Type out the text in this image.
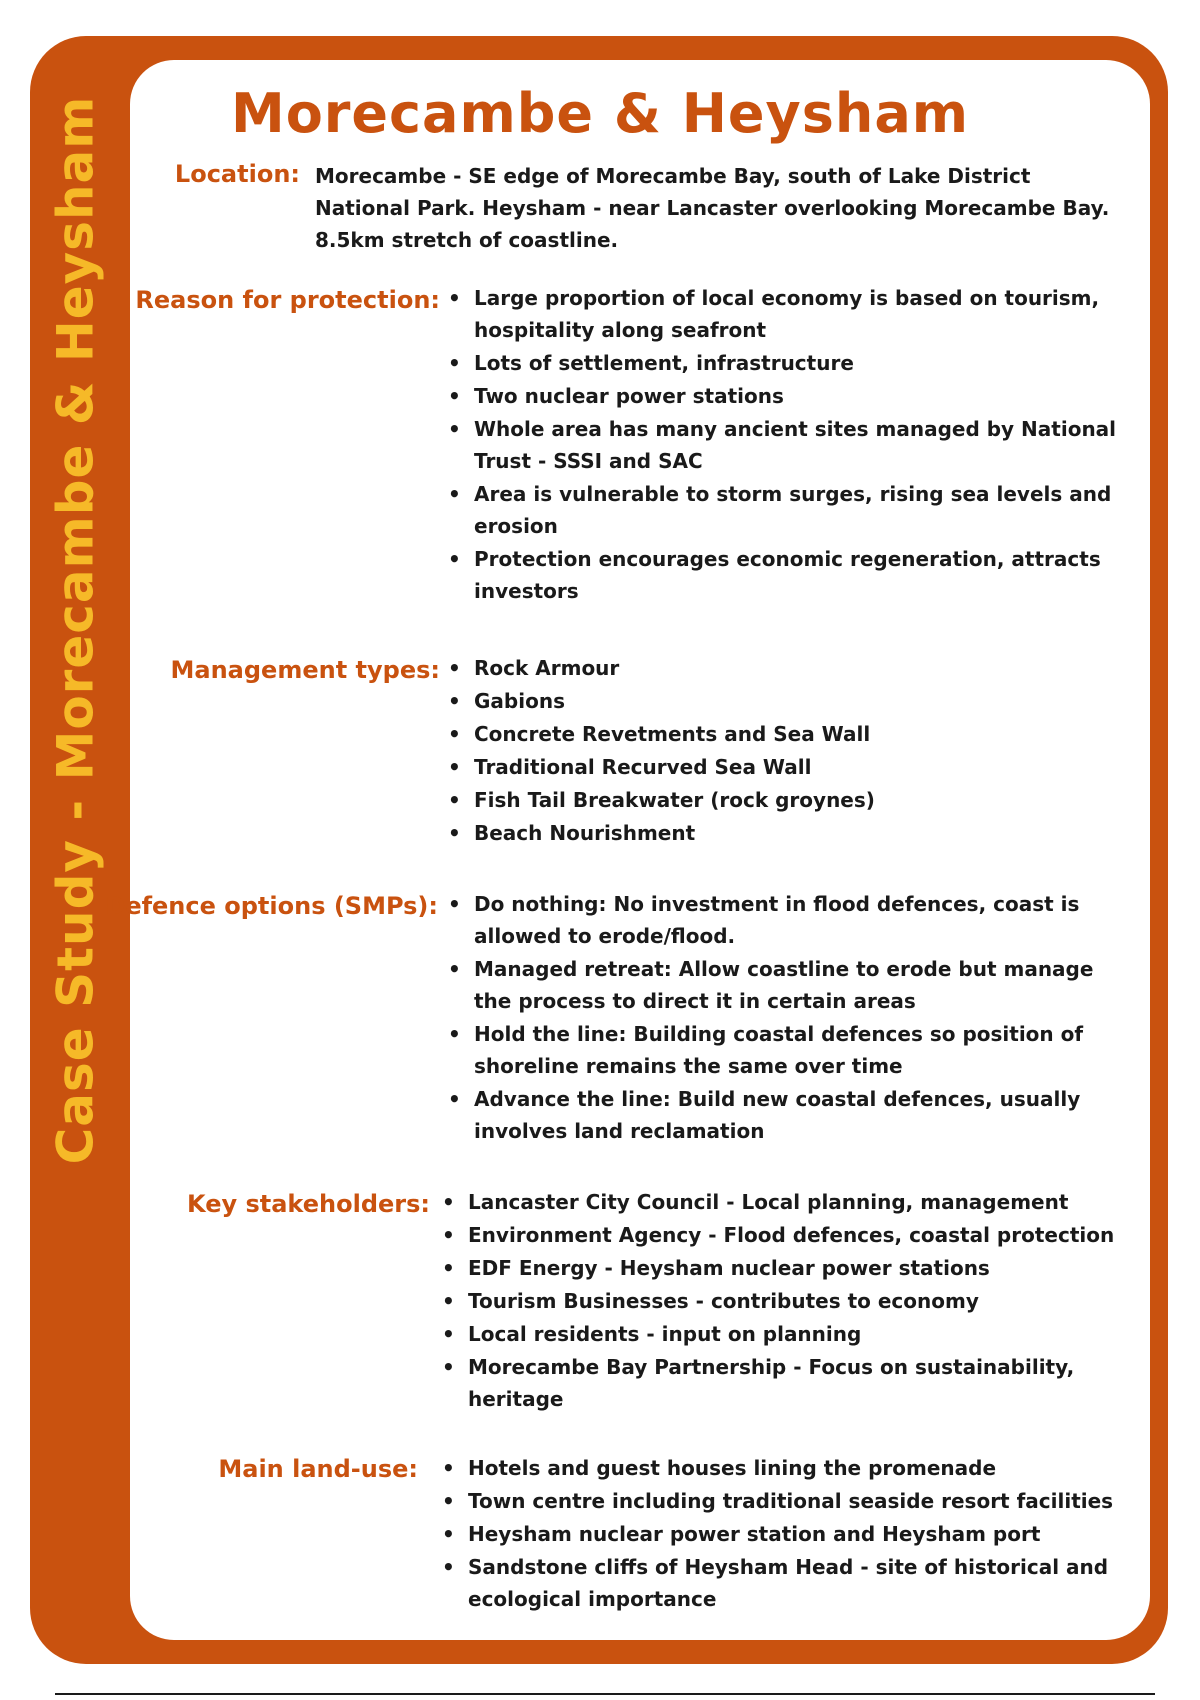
Case Study - Morecambe & Heysham	Morecambe & Heysham
Location: Morecambe - SE edge of Morecambe Bay, south of Lake District National Park. Heysham - near Lancaster overlooking Morecambe Bay. 8.5km stretch of coastline.
Reason for protection:	• Large proportion of local economy is based on tourism, hospitality along seafront
• Lots of settlement, infrastructure
• Two nuclear power stations
• Whole area has many ancient sites managed by National Trust - SSSI and SAC
• Area is vulnerable to storm surges, rising sea levels and erosion
• Protection encourages economic regeneration, attracts investors
Management types:	• Rock Armour
• Gabions
• Concrete Revetments and Sea Wall
• Traditional Recurved Sea Wall
• Fish Tail Breakwater (rock groynes)
• Beach Nourishment
Defence options (SMPs):	• Do nothing: No investment in flood defences, coast is allowed to erode/flood.
• Managed retreat: Allow coastline to erode but manage the process to direct it in certain areas
• Hold the line: Building coastal defences so position of shoreline remains the same over time
• Advance the line: Build new coastal defences, usually involves land reclamation
Key stakeholders:	• Lancaster City Council - Local planning, management
• Environment Agency - Flood defences, coastal protection
• EDF Energy - Heysham nuclear power stations
• Tourism Businesses - contributes to economy
• Local residents - input on planning
• Morecambe Bay Partnership - Focus on sustainability, heritage
Main land-use:	• Hotels and guest houses lining the promenade
• Town centre including traditional seaside resort facilities
• Heysham nuclear power station and Heysham port
• Sandstone cliffs of Heysham Head - site of historical and ecological importance
